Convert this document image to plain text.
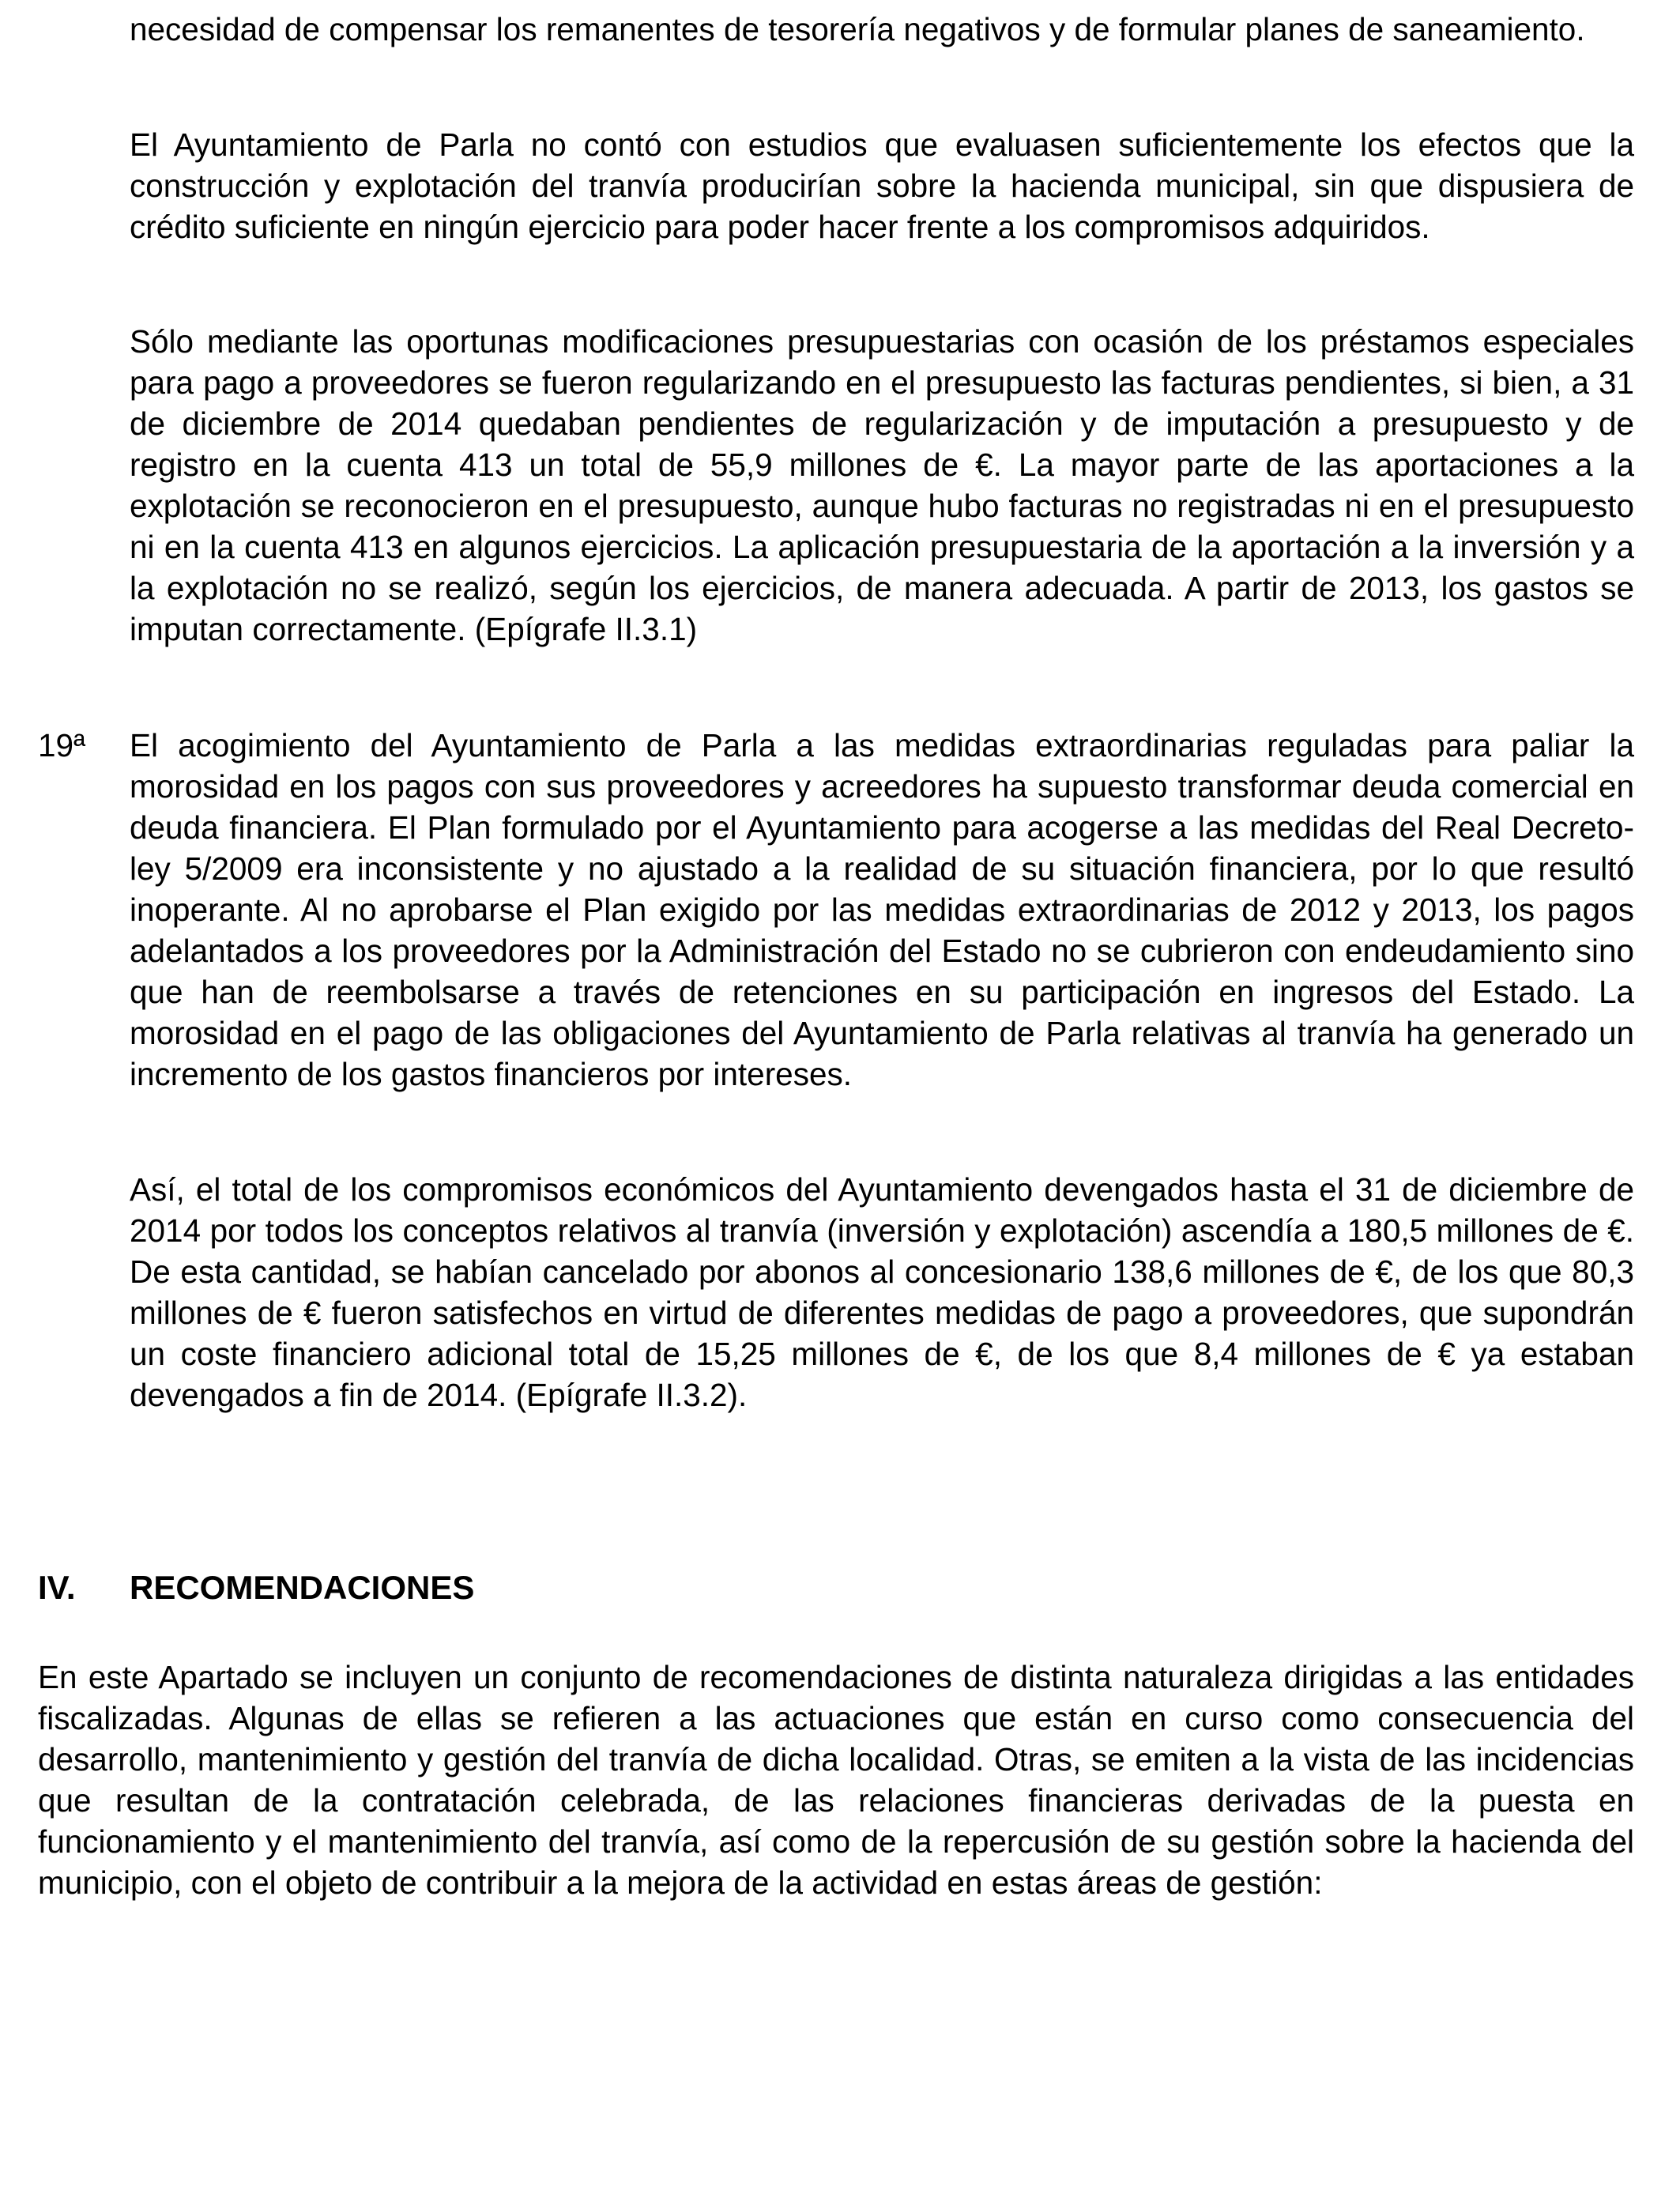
necesidad de compensar los remanentes de tesorería negativos y de formular planes de saneamiento.

El Ayuntamiento de Parla no contó con estudios que evaluasen suficientemente los efectos que la construcción y explotación del tranvía producirían sobre la hacienda municipal, sin que dispusiera de crédito suficiente en ningún ejercicio para poder hacer frente a los compromisos adquiridos.

Sólo mediante las oportunas modificaciones presupuestarias con ocasión de los préstamos especiales para pago a proveedores se fueron regularizando en el presupuesto las facturas pendientes, si bien, a 31 de diciembre de 2014 quedaban pendientes de regularización y de imputación a presupuesto y de registro en la cuenta 413 un total de 55,9 millones de €. La mayor parte de las aportaciones a la explotación se reconocieron en el presupuesto, aunque hubo facturas no registradas ni en el presupuesto ni en la cuenta 413 en algunos ejercicios. La aplicación presupuestaria de la aportación a la inversión y a la explotación no se realizó, según los ejercicios, de manera adecuada. A partir de 2013, los gastos se imputan correctamente. (Epígrafe II.3.1)

19ª El acogimiento del Ayuntamiento de Parla a las medidas extraordinarias reguladas para paliar la morosidad en los pagos con sus proveedores y acreedores ha supuesto transformar deuda comercial en deuda financiera. El Plan formulado por el Ayuntamiento para acogerse a las medidas del Real Decreto-ley 5/2009 era inconsistente y no ajustado a la realidad de su situación financiera, por lo que resultó inoperante. Al no aprobarse el Plan exigido por las medidas extraordinarias de 2012 y 2013, los pagos adelantados a los proveedores por la Administración del Estado no se cubrieron con endeudamiento sino que han de reembolsarse a través de retenciones en su participación en ingresos del Estado. La morosidad en el pago de las obligaciones del Ayuntamiento de Parla relativas al tranvía ha generado un incremento de los gastos financieros por intereses.

Así, el total de los compromisos económicos del Ayuntamiento devengados hasta el 31 de diciembre de 2014 por todos los conceptos relativos al tranvía (inversión y explotación) ascendía a 180,5 millones de €. De esta cantidad, se habían cancelado por abonos al concesionario 138,6 millones de €, de los que 80,3 millones de € fueron satisfechos en virtud de diferentes medidas de pago a proveedores, que supondrán un coste financiero adicional total de 15,25 millones de €, de los que 8,4 millones de € ya estaban devengados a fin de 2014. (Epígrafe II.3.2).

IV. RECOMENDACIONES

En este Apartado se incluyen un conjunto de recomendaciones de distinta naturaleza dirigidas a las entidades fiscalizadas. Algunas de ellas se refieren a las actuaciones que están en curso como consecuencia del desarrollo, mantenimiento y gestión del tranvía de dicha localidad. Otras, se emiten a la vista de las incidencias que resultan de la contratación celebrada, de las relaciones financieras derivadas de la puesta en funcionamiento y el mantenimiento del tranvía, así como de la repercusión de su gestión sobre la hacienda del municipio, con el objeto de contribuir a la mejora de la actividad en estas áreas de gestión:
